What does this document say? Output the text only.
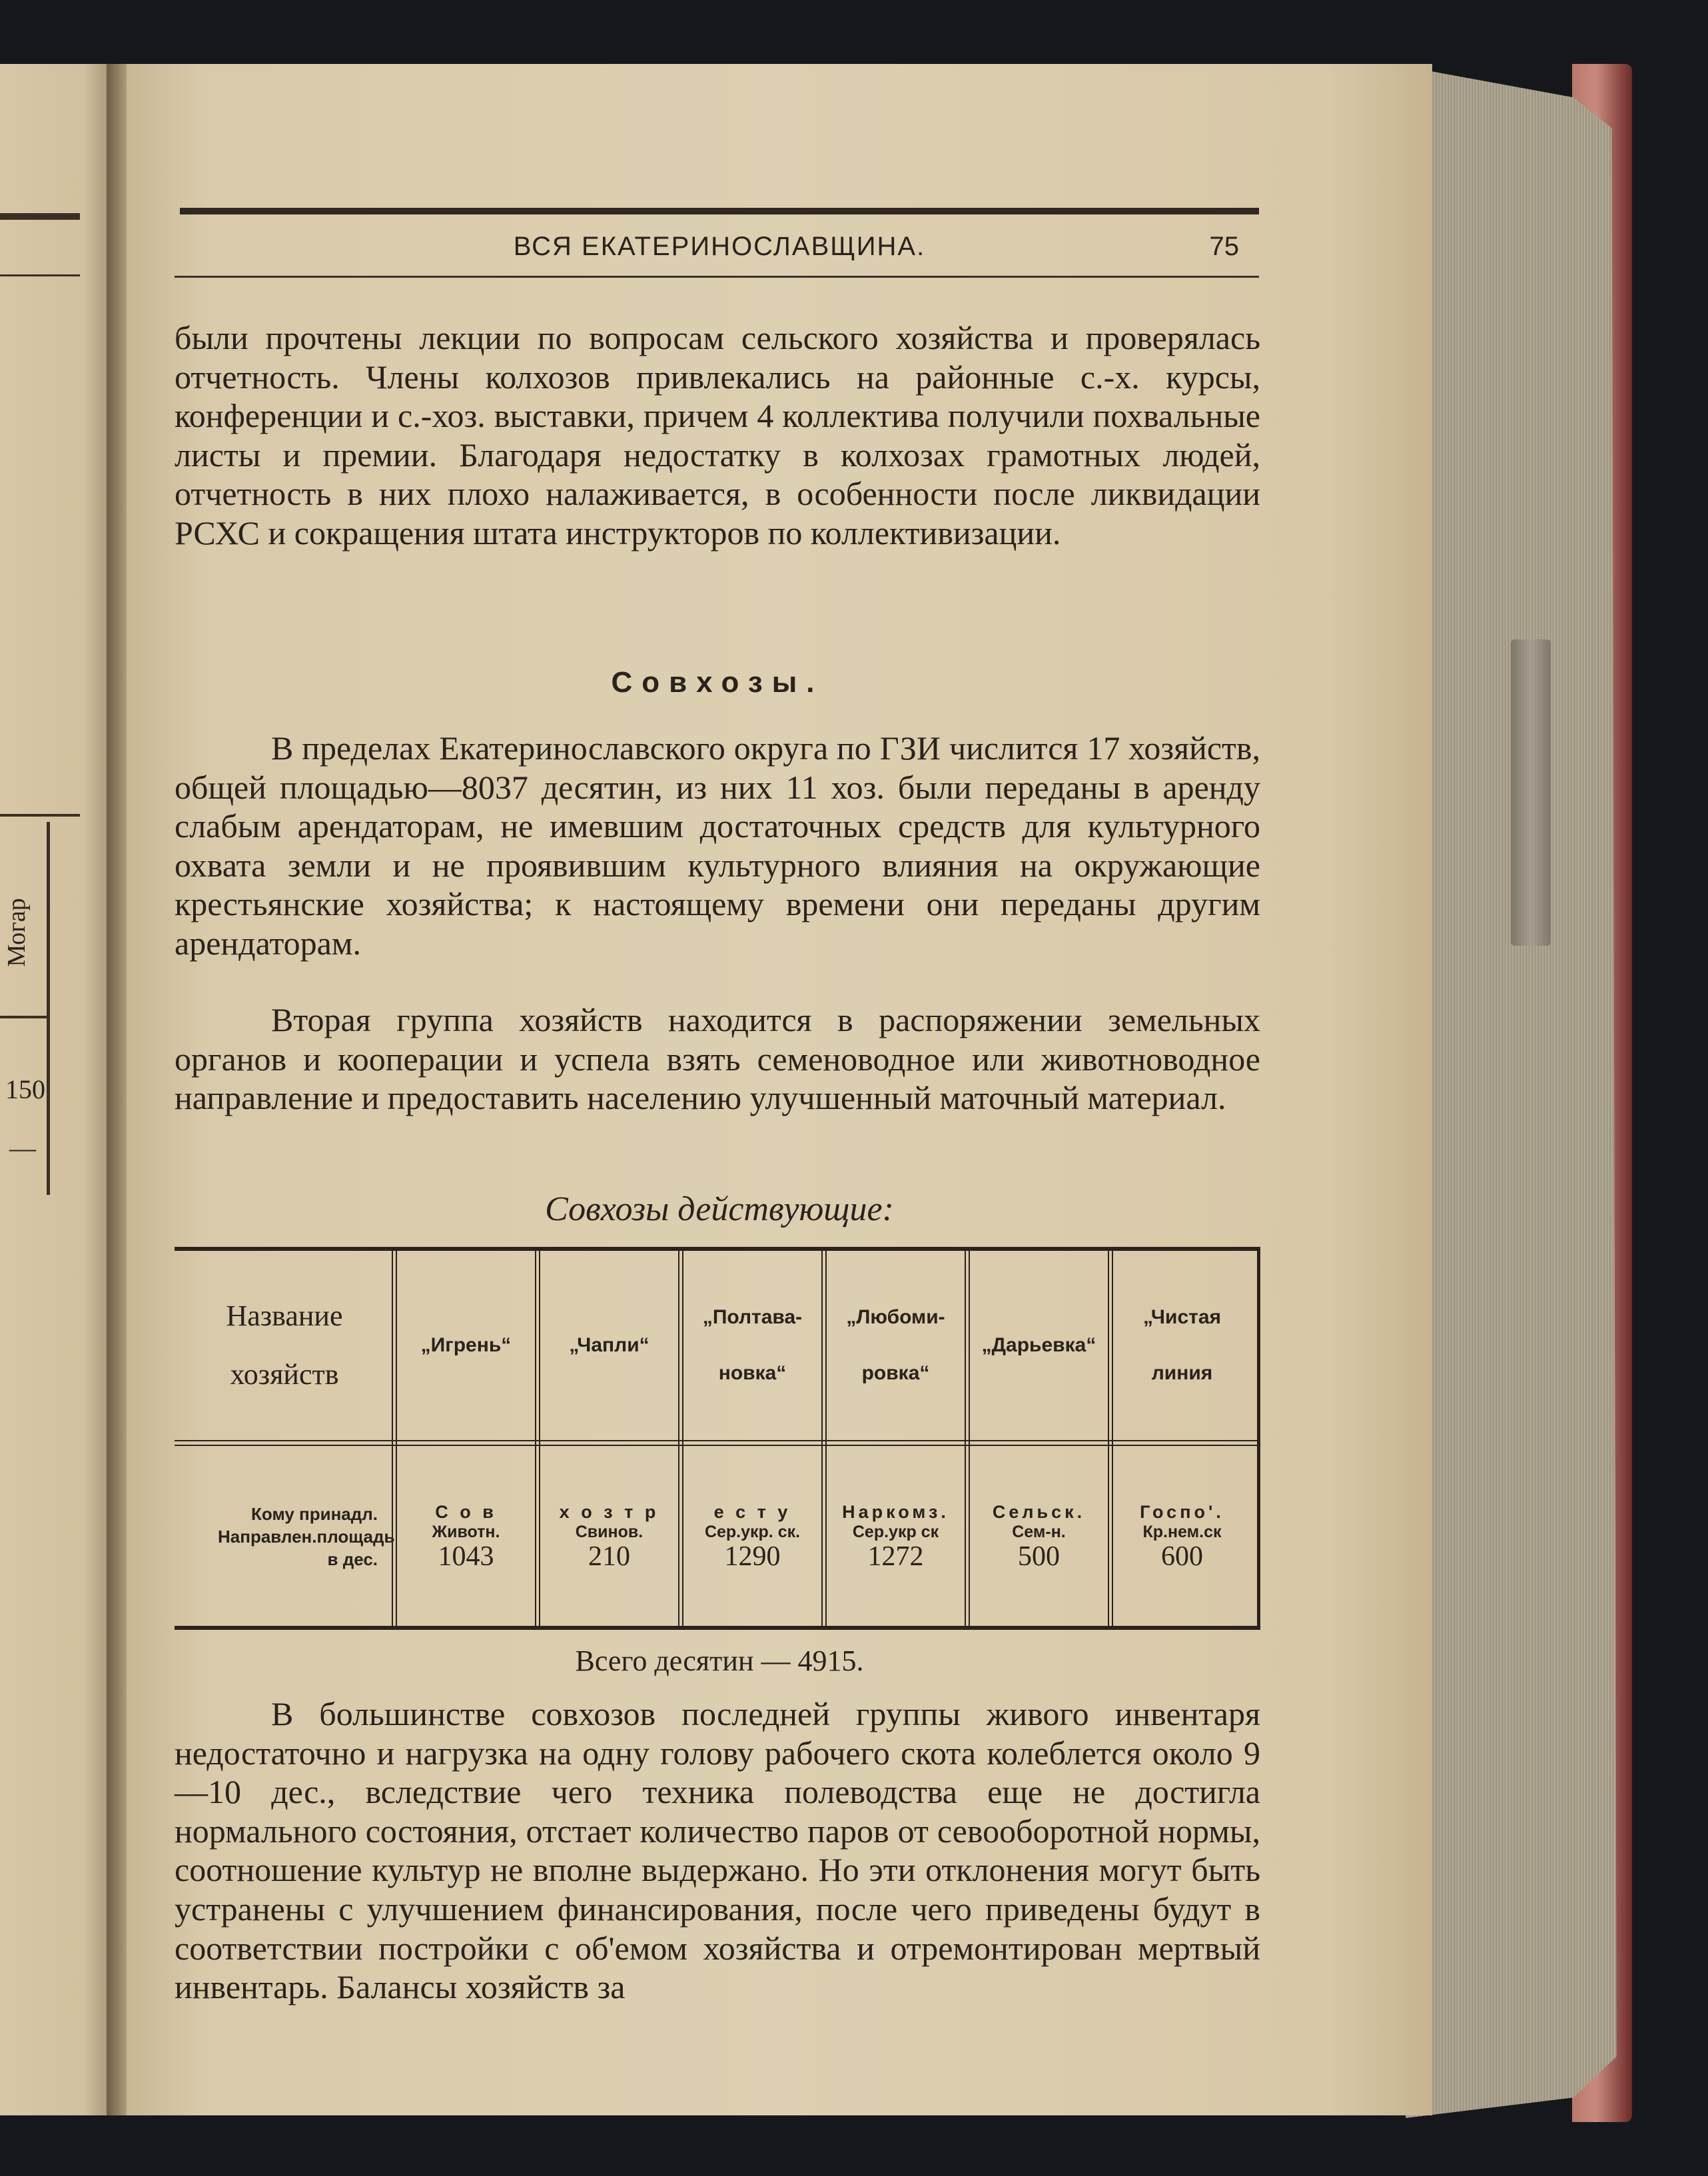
Могар
150
—
ВСЯ ЕКАТЕРИНОСЛАВЩИНА.	75
были прочтены лекции по вопросам сельского хозяйства и проверялась отчетность. Члены колхозов привлекались на районные с.-х. курсы, конференции и с.-хоз. выставки, причем 4 коллектива получили похвальные листы и премии. Благодаря недостатку в колхозах грамотных людей, отчетность в них плохо налаживается, в особенности после ликвидации РСХС и сокращения штата инструкторов по коллективизации.
Совхозы.
В пределах Екатеринославского округа по ГЗИ числится 17 хозяйств, общей площадью—8037 десятин, из них 11 хоз. были переданы в аренду слабым арендаторам, не имевшим достаточных средств для культурного охвата земли и не проявившим культурного влияния на окружающие крестьянские хозяйства; к настоящему времени они переданы другим арендаторам.
Вторая группа хозяйств находится в распоряжении земельных органов и кооперации и успела взять семеноводное или животноводное направление и предоставить населению улучшенный маточный материал.
Совхозы действующие:
Название хозяйств
Кому принадл. Направлен.площадь в дес.
„Игрень“
С о в
Животн.
1043
„Чапли“
х о з т р
Свинов.
210
„Полтава-новка“
е с т у
Сер.укр. ск.
1290
„Любоми-ровка“
Наркомз.
Сер.укр ск
1272
„Дарьевка“
Сельск.
Сем-н.
500
„Чистая линия
Госпо'.
Кр.нем.ск
600
Всего десятин — 4915.
В большинстве совхозов последней группы живого инвентаря недостаточно и нагрузка на одну голову рабочего скота колеблется около 9—10 дес., вследствие чего техника полеводства еще не достигла нормального состояния, отстает количество паров от севооборотной нормы, соотношение культур не вполне выдержано. Но эти отклонения могут быть устранены с улучшением финансирования, после чего приведены будут в соответствии постройки с об'емом хозяйства и отремонтирован мертвый инвентарь. Балансы хозяйств за
